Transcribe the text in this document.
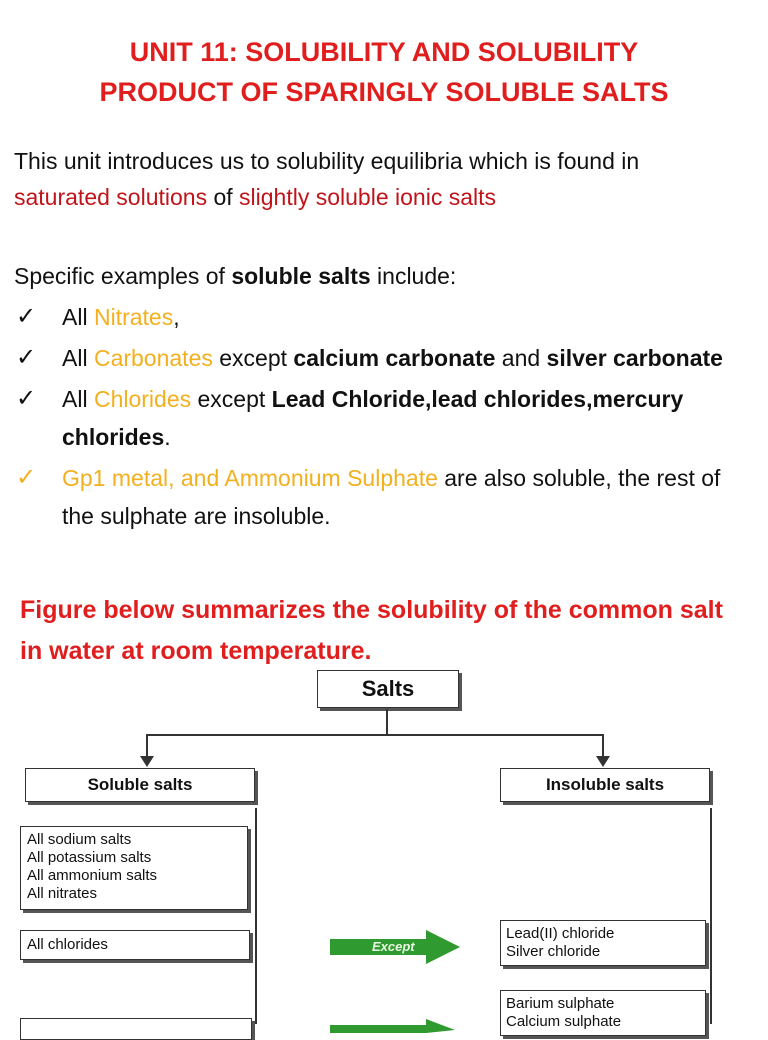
UNIT 11: SOLUBILITY AND SOLUBILITY
PRODUCT OF SPARINGLY SOLUBLE SALTS
This unit introduces us to solubility equilibria which is found in
saturated solutions of slightly soluble ionic salts
Specific examples of soluble salts include:
✓ All Nitrates,
✓ All Carbonates except calcium carbonate and silver carbonate
✓ All Chlorides except Lead Chloride,lead chlorides,mercury chlorides.
✓ Gp1 metal, and Ammonium Sulphate are also soluble, the rest of the sulphate are insoluble.
Figure below summarizes the solubility of the common salt in water at room temperature.
Salts
Soluble salts	Insoluble salts
All sodium salts
All potassium salts
All ammonium salts
All nitrates
All chlorides	Except
Lead(II) chloride
Silver chloride
Barium sulphate
Calcium sulphate
